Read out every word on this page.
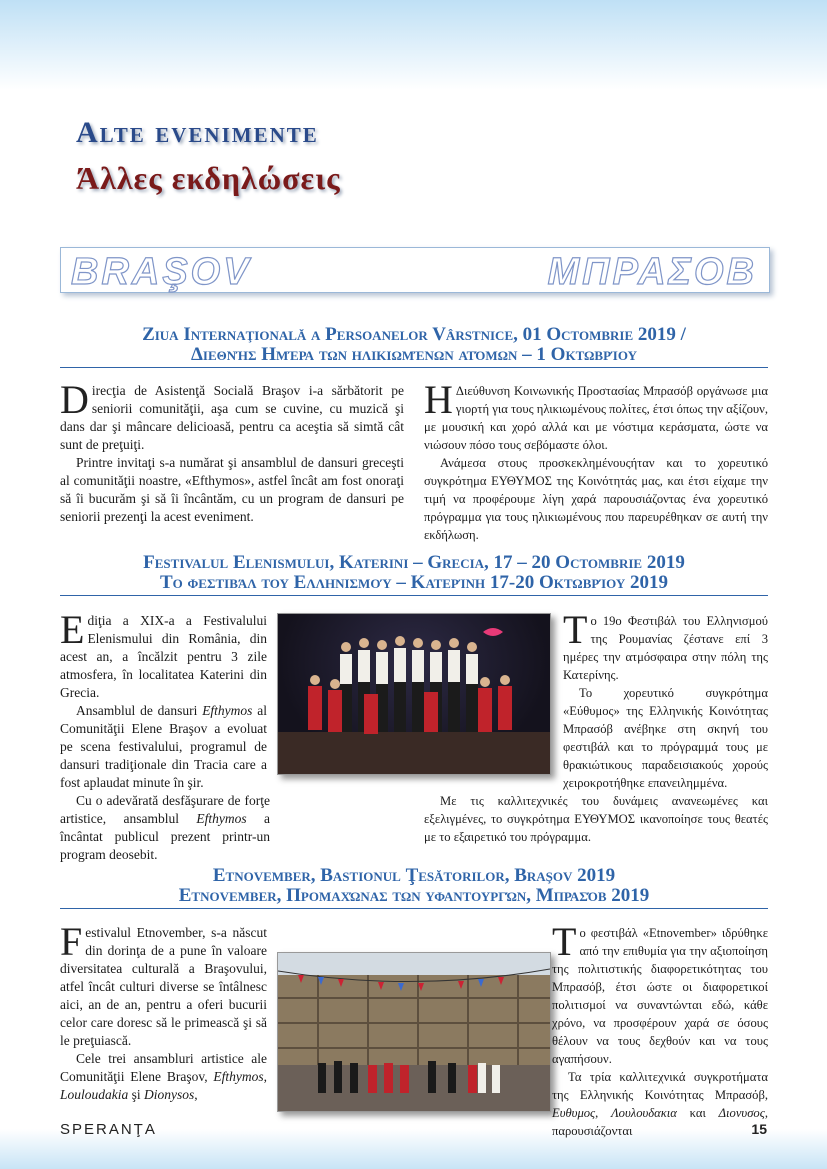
Alte evenimente
Άλλες εκδηλώσεις
BRAŞOV	ΜΠΡΑΣΟΒ
Ziua Internaţională a Persoanelor Vârstnice, 01 Octombrie 2019 /
Διεθνής Ημέρα των ηλικιωμένων ατόμων – 1 Οκτωβρίου

Direcţia de Asistenţă Socială Braşov i-a sărbătorit pe seniorii comunităţii, aşa cum se cuvine, cu muzică şi dans dar şi mâncare delicioasă, pentru ca aceştia să simtă cât sunt de preţuiţi.

Printre invitaţi s-a numărat şi ansamblul de dansuri greceşti al comunităţii noastre, «Efthymos», astfel încât am fost onoraţi să îi bucurăm şi să îi încântăm, cu un program de dansuri pe seniorii prezenţi la acest eveniment.

Η Διεύθυνση Κοινωνικής Προστασίας Μπρασόβ οργάνωσε μια γιορτή για τους ηλικιωμένους πολίτες, έτσι όπως την αξίζουν, με μουσική και χορό αλλά και με νόστιμα κεράσματα, ώστε να νιώσουν πόσο τους σεβόμαστε όλοι.

Ανάμεσα στους προσκεκλημένουςήταν και το χορευτικό συγκρότημα ΕΥΘΥΜΟΣ της Κοινότητάς μας, και έτσι είχαμε την τιμή να προφέρουμε λίγη χαρά παρουσιάζοντας ένα χορευτικό πρόγραμμα για τους ηλικιωμένους που παρευρέθηκαν σε αυτή την εκδήλωση.

Festivalul Elenismului, Katerini – Grecia, 17 – 20 Octombrie 2019
Το φεστιβάλ του Ελληνισμού – Κατερίνη 17-20 Οκτωβρίου 2019

Ediţia a XIX-a a Festivalului Elenismului din România, din acest an, a încălzit pentru 3 zile atmosfera, în localitatea Katerini din Grecia.

Ansamblul de dansuri Efthymos al Comunităţii Elene Braşov a evoluat pe scena festivalului, programul de dansuri tradiţionale din Tracia care a fost aplaudat minute în şir.

Cu o adevărată desfăşurare de forţe artistice, ansamblul Efthymos a încântat publicul prezent printr-un program deosebit.

Το 19ο Φεστιβάλ του Ελληνισμού της Ρουμανίας ζέστανε επί 3 ημέρες την ατμόσφαιρα στην πόλη της Κατερίνης.

Το χορευτικό συγκρότημα «Εύθυμος» της Ελληνικής Κοινότητας Μπρασόβ ανέβηκε στη σκηνή του φεστιβάλ και το πρόγραμμά τους με θρακιώτικους παραδεισιακούς χορούς χειροκροτήθηκε επανειλημμένα.

Με τις καλλιτεχνικές του δυνάμεις ανανεωμένες και εξελιγμένες, το συγκρότημα ΕΥΘΥΜΟΣ ικανοποίησε τους θεατές με το εξαιρετικό του πρόγραμμα.

Etnovember, Bastionul Ţesătorilor, Braşov 2019
Etnovember, Προμαχώνας των υφαντουργών, Μπρασόβ 2019

Festivalul Etnovember, s-a născut din dorinţa de a pune în valoare diversitatea culturală a Braşovului, atfel încât culturi diverse se întâlnesc aici, an de an, pentru a oferi bucurii celor care doresc să le primească şi să le preţuiască.

Cele trei ansambluri artistice ale Comunităţii Elene Braşov, Efthymos, Louloudakia şi Dionysos,

Το φεστιβάλ «Etnovember» ιδρύθηκε από την επιθυμία για την αξιοποίηση της πολιτιστικής διαφορετικότητας του Μπρασόβ, έτσι ώστε οι διαφορετικοί πολιτισμοί να συναντώνται εδώ, κάθε χρόνο, να προσφέρουν χαρά σε όσους θέλουν να τους δεχθούν και να τους αγαπήσουν.

Τα τρία καλλιτεχνικά συγκροτήματα της Ελληνικής Κοινότητας Μπρασόβ, Ευθυμος, Λουλουδακια και Διονυσος, παρουσιάζονται

SPERANŢA	15
